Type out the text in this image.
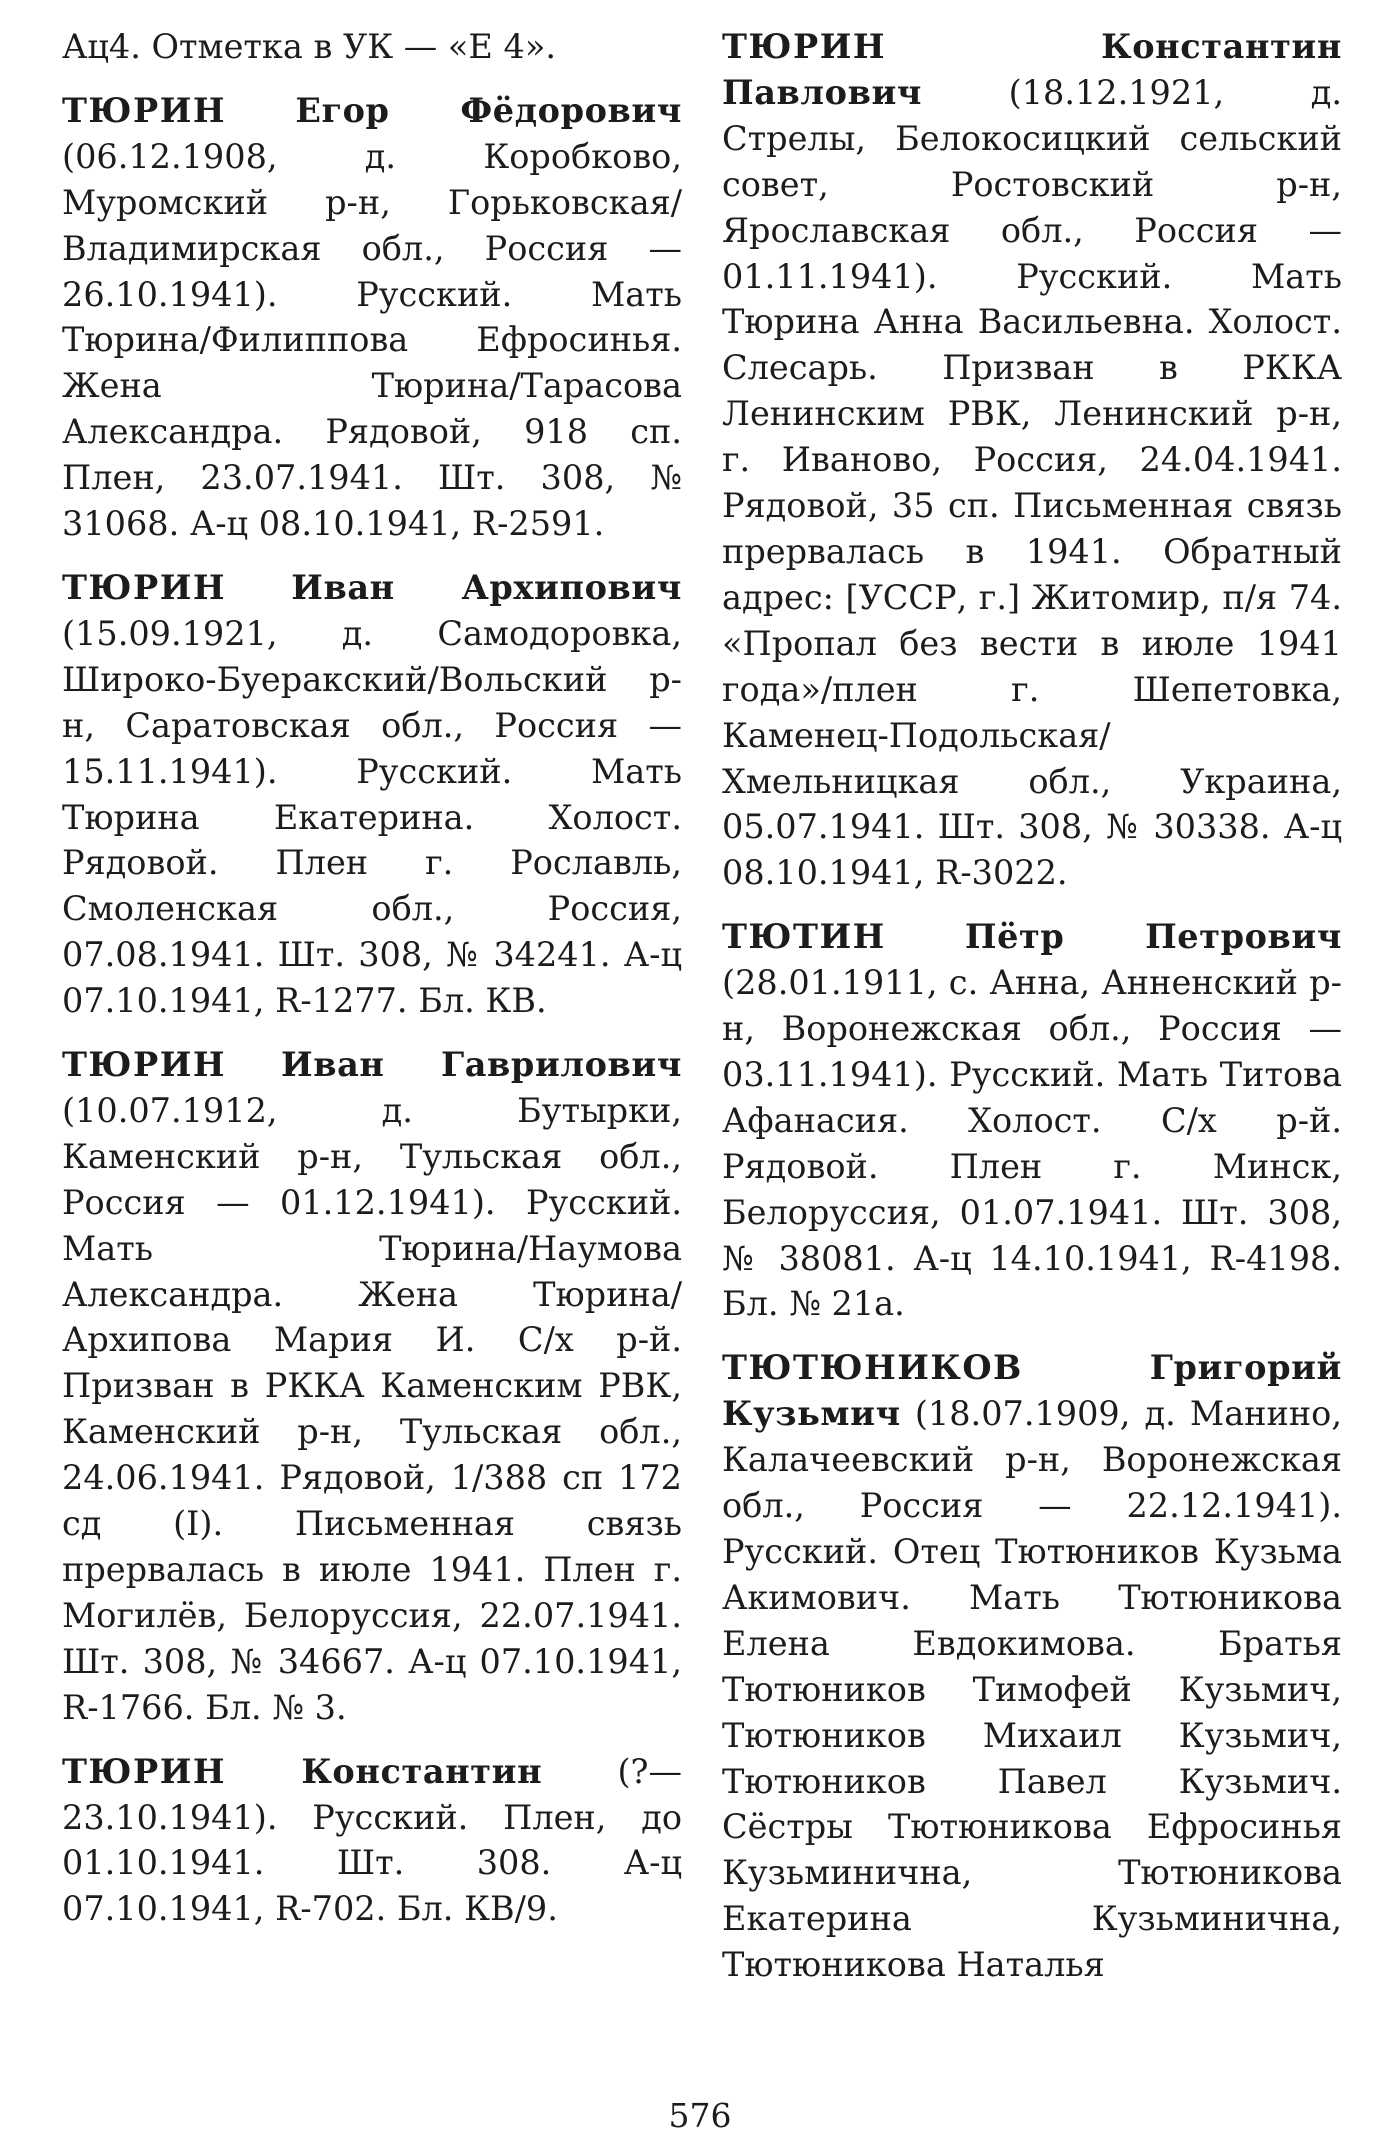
Ац4. Отметка в УК — «Е 4».

ТЮРИН Егор Фёдорович (06.12.1908, д. Коробково, Муромский р-н, Горьковская/Владимирская обл., Россия — 26.10.1941). Русский. Мать Тюрина/Филиппова Ефросинья. Жена Тюрина/Тарасова Александра. Рядовой, 918 сп. Плен, 23.07.1941. Шт. 308, № 31068. А-ц 08.10.1941, R-2591.

ТЮРИН Иван Архипович (15.09.1921, д. Самодоровка, Широко-Буеракский/Вольский р-н, Саратовская обл., Россия — 15.11.1941). Русский. Мать Тюрина Екатерина. Холост. Рядовой. Плен г. Рославль, Смоленская обл., Россия, 07.08.1941. Шт. 308, № 34241. А-ц 07.10.1941, R-1277. Бл. КВ.

ТЮРИН Иван Гаврилович (10.07.1912, д. Бутырки, Каменский р-н, Тульская обл., Россия — 01.12.1941). Русский. Мать Тюрина/Наумова Александра. Жена Тюрина/Архипова Мария И. С/х р-й. Призван в РККА Каменским РВК, Каменский р-н, Тульская обл., 24.06.1941. Рядовой, 1/388 сп 172 сд (I). Письменная связь прервалась в июле 1941. Плен г. Могилёв, Белоруссия, 22.07.1941. Шт. 308, № 34667. А-ц 07.10.1941, R-1766. Бл. № 3.

ТЮРИН Константин (?—23.10.1941). Русский. Плен, до 01.10.1941. Шт. 308. А-ц 07.10.1941, R-702. Бл. КВ/9.

ТЮРИН	Константин Павлович	(18.12.1921, д. Стрелы, Белокосицкий сельский совет, Ростовский р-н, Ярославская обл., Россия — 01.11.1941). Русский. Мать Тюрина Анна Васильевна. Холост. Слесарь. Призван в РККА Ленинским РВК, Ленинский р-н, г. Иваново, Россия, 24.04.1941. Рядовой, 35 сп. Письменная связь прервалась в 1941. Обратный адрес: [УССР, г.] Житомир, п/я 74. «Пропал без вести в июле 1941 года»/плен г. Шепетовка, Каменец-Подольская/Хмельницкая обл., Украина, 05.07.1941. Шт. 308, № 30338. А-ц 08.10.1941, R-3022.

ТЮТИН Пётр Петрович (28.01.1911, с. Анна, Анненский р-н, Воронежская обл., Россия — 03.11.1941). Русский. Мать Титова Афанасия. Холост. С/х р-й. Рядовой. Плен г. Минск, Белоруссия, 01.07.1941. Шт. 308, № 38081. А-ц 14.10.1941, R-4198. Бл. № 21а.

ТЮТЮНИКОВ	Григорий Кузьмич (18.07.1909, д. Манино, Калачеевский р-н, Воронежская обл., Россия — 22.12.1941). Русский. Отец Тютюников Кузьма Акимович. Мать Тютюникова Елена Евдокимова. Братья Тютюников Тимофей Кузьмич, Тютюников Михаил Кузьмич, Тютюников Павел Кузьмич. Сёстры Тютюникова Ефросинья Кузьминична, Тютюникова Екатерина Кузьминична, Тютюникова Наталья

576
